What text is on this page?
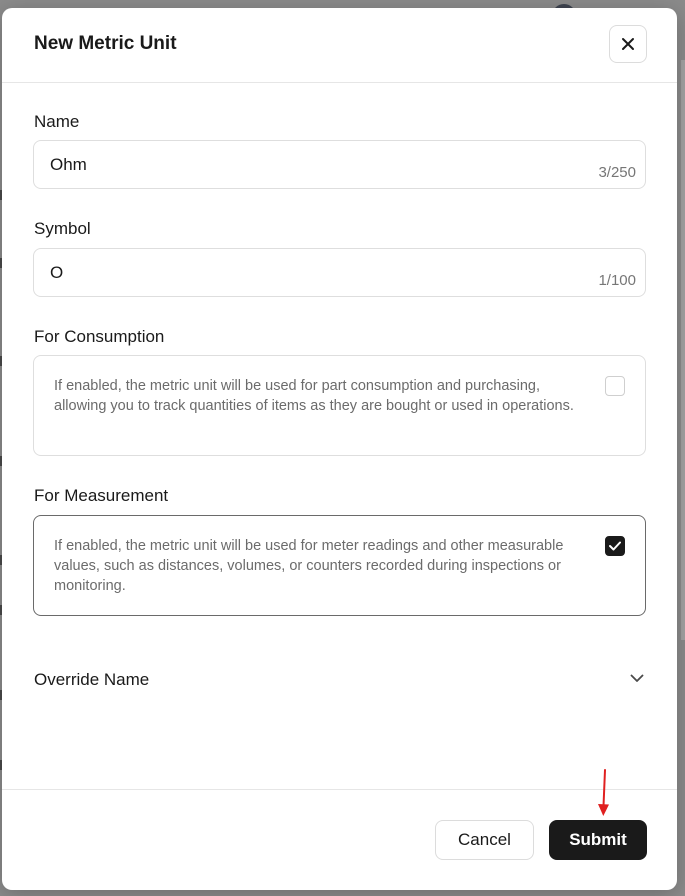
New Metric Unit
Name
Ohm	3/250
Symbol
O	1/100
For Consumption
If enabled, the metric unit will be used for part consumption and purchasing, allowing you to track quantities of items as they are bought or used in operations.
For Measurement
If enabled, the metric unit will be used for meter readings and other measurable values, such as distances, volumes, or counters recorded during inspections or monitoring.
Override Name
Cancel	Submit
